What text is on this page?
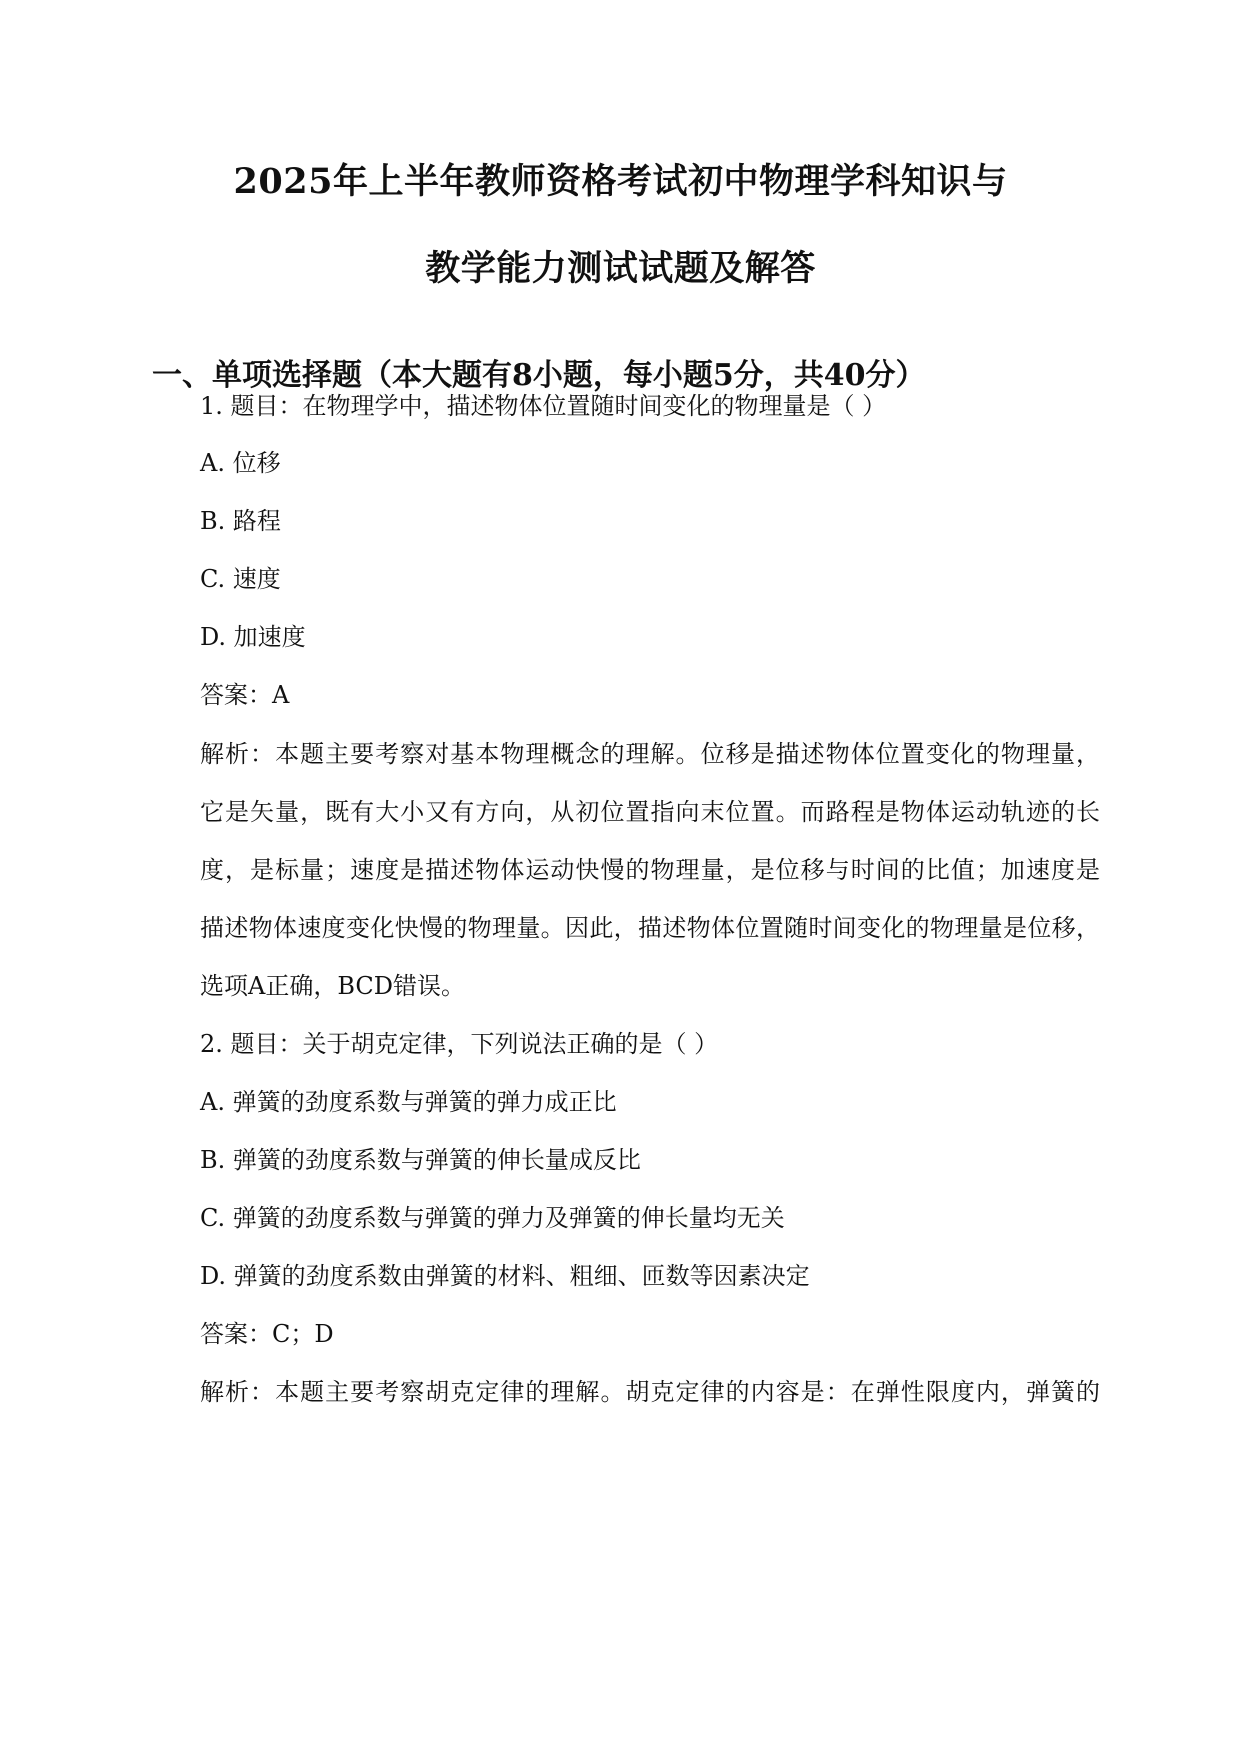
2025年上半年教师资格考试初中物理学科知识与
教学能力测试试题及解答
一、单项选择题（本大题有8小题，每小题5分，共40分）
1. 题目：在物理学中，描述物体位置随时间变化的物理量是（ ）
A. 位移
B. 路程
C. 速度
D. 加速度
答案：A
解析：本题主要考察对基本物理概念的理解。位移是描述物体位置变化的物理量，
它是矢量，既有大小又有方向，从初位置指向末位置。而路程是物体运动轨迹的长
度，是标量；速度是描述物体运动快慢的物理量，是位移与时间的比值；加速度是
描述物体速度变化快慢的物理量。因此，描述物体位置随时间变化的物理量是位移，
选项A正确，BCD错误。
2. 题目：关于胡克定律，下列说法正确的是（ ）
A. 弹簧的劲度系数与弹簧的弹力成正比
B. 弹簧的劲度系数与弹簧的伸长量成反比
C. 弹簧的劲度系数与弹簧的弹力及弹簧的伸长量均无关
D. 弹簧的劲度系数由弹簧的材料、粗细、匝数等因素决定
答案：C；D
解析：本题主要考察胡克定律的理解。胡克定律的内容是：在弹性限度内，弹簧的
